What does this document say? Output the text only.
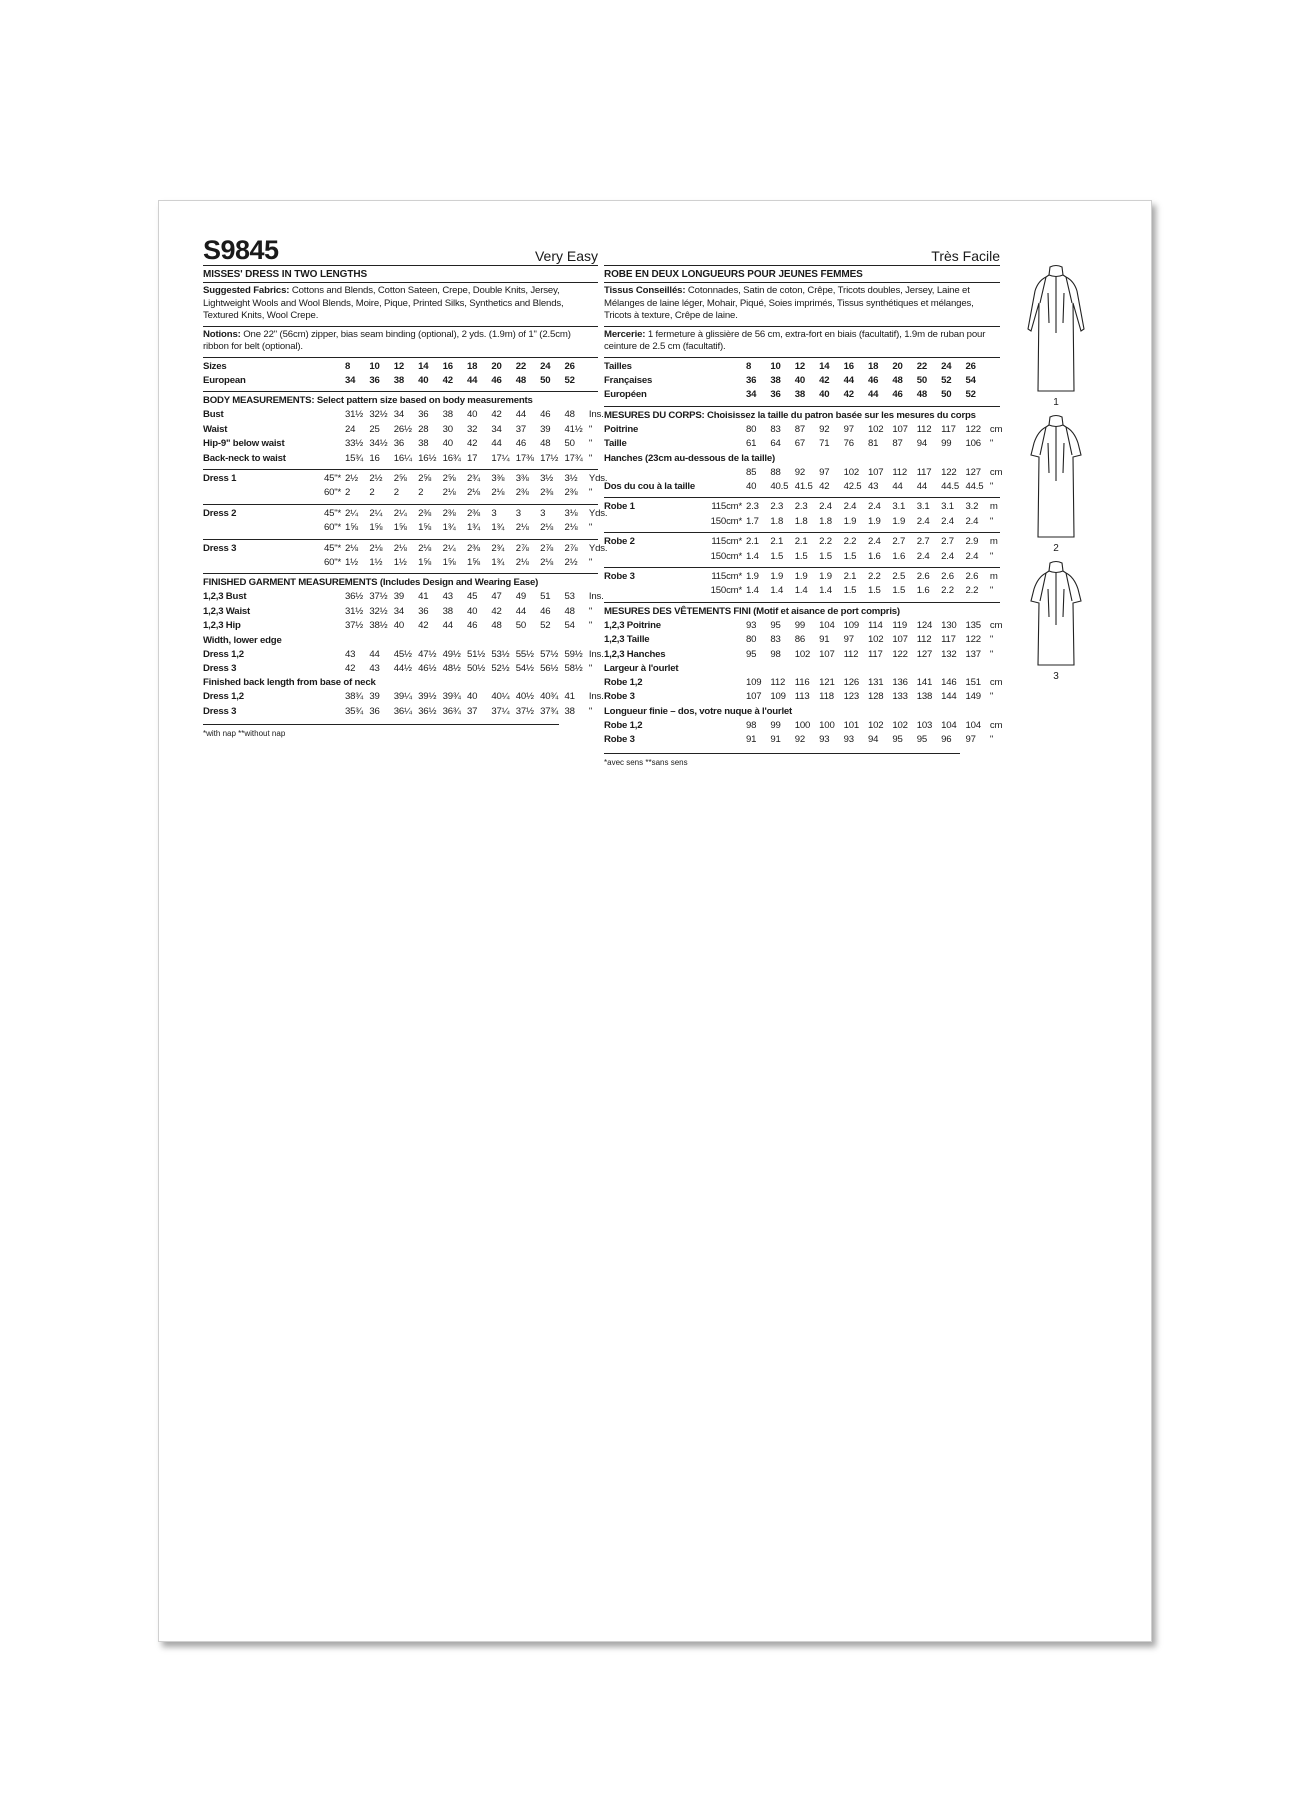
S9845	Very Easy
MISSES' DRESS IN TWO LENGTHS
Suggested Fabrics: Cottons and Blends, Cotton Sateen, Crepe, Double Knits, Jersey, Lightweight Wools and Wool Blends, Moire, Pique, Printed Silks, Synthetics and Blends, Textured Knits, Wool Crepe.
Notions: One 22" (56cm) zipper, bias seam binding (optional), 2 yds. (1.9m) of 1" (2.5cm) ribbon for belt (optional).
Sizes	8	10	12	14	16	18	20	22	24	26
European	34	36	38	40	42	44	46	48	50	52
BODY MEASUREMENTS: Select pattern size based on body measurements
Bust	31½ 32½ 34	36	38	40	42	44	46	48	Ins.
Waist	24	25	26½ 28	30	32	34	37	39	41½ "
Hip-9" below waist	33½ 34½ 36	38	40	42	44	46	48	50	"
Back-neck to waist	15¾ 16	16¼ 16½ 16¾ 17	17¼ 17⅜ 17½ 17¾ "
Dress 1	45"* 2½	2½	2⅝	2⅝	2⅝	2¾	3⅜	3⅜	3½	3½	Yds.
60"* 2	2	2	2	2⅛	2⅛	2⅛	2⅜	2⅜	2⅜	"
Dress 2	45"* 2¼	2¼	2¼	2⅜	2⅜	2⅜	3	3	3	3⅛	Yds.
60"* 1⅝	1⅝	1⅝	1⅝	1¾	1¾	1¾	2⅛	2⅛	2⅛	"
Dress 3	45"* 2⅛	2⅛	2⅛	2⅛	2¼	2⅜	2¾	2⅞	2⅞	2⅞	Yds.
60"* 1½	1½	1½	1⅝	1⅝	1⅝	1¾	2⅛	2⅛	2½	"
FINISHED GARMENT MEASUREMENTS (Includes Design and Wearing Ease)
1,2,3 Bust	36½ 37½ 39	41	43	45	47	49	51	53	Ins.
1,2,3 Waist	31½ 32½ 34	36	38	40	42	44	46	48	"
1,2,3 Hip	37½ 38½ 40	42	44	46	48	50	52	54	"
Width, lower edge
Dress 1,2	43	44	45½ 47½ 49½ 51½ 53½ 55½ 57½ 59½ Ins.
Dress 3	42	43	44½ 46½ 48½ 50½ 52½ 54½ 56½ 58½ "
Finished back length from base of neck
Dress 1,2	38¾ 39	39¼ 39½ 39¾ 40	40¼ 40½ 40¾ 41	Ins.
Dress 3	35¾ 36	36¼ 36½ 36¾ 37	37¼ 37½ 37¾ 38	"
*with nap **without nap
Très Facile
ROBE EN DEUX LONGUEURS POUR JEUNES FEMMES
Tissus Conseillés: Cotonnades, Satin de coton, Crêpe, Tricots doubles, Jersey, Laine et Mélanges de laine léger, Mohair, Piqué, Soies imprimés, Tissus synthétiques et mélanges, Tricots à texture, Crêpe de laine.
Mercerie: 1 fermeture à glissière de 56 cm, extra-fort en biais (facultatif), 1.9m de ruban pour ceinture de 2.5 cm (facultatif).
Tailles	8	10	12	14	16	18	20	22	24	26
Françaises	36	38	40	42	44	46	48	50	52	54
Européen	34	36	38	40	42	44	46	48	50	52
MESURES DU CORPS: Choisissez la taille du patron basée sur les mesures du corps
Poitrine	80	83	87	92	97	102 107 112	117	122 cm
Taille	61	64	67	71	76	81	87	94	99	106 "
Hanches (23cm au-dessous de la taille)
85	88	92	97	102 107 112	117	122 127 cm
Dos du cou à la taille	40	40.5 41.5 42	42.5 43	44	44	44.5 44.5 "
Robe 1	115cm* 2.3	2.3	2.3	2.4	2.4	2.4	3.1	3.1	3.1	3.2	m
150cm* 1.7	1.8	1.8	1.8	1.9	1.9	1.9	2.4	2.4	2.4	"
Robe 2	115cm* 2.1	2.1	2.1	2.2	2.2	2.4	2.7	2.7	2.7	2.9	m
150cm* 1.4	1.5	1.5	1.5	1.5	1.6	1.6	2.4	2.4	2.4	"
Robe 3	115cm* 1.9	1.9	1.9	1.9	2.1	2.2	2.5	2.6	2.6	2.6	m
150cm* 1.4	1.4	1.4	1.4	1.5	1.5	1.5	1.6	2.2	2.2	"
MESURES DES VÊTEMENTS FINI (Motif et aisance de port compris)
1,2,3 Poitrine	93	95	99	104 109 114	119	124 130 135 cm
1,2,3 Taille	80	83	86	91	97	102 107 112	117	122 "
1,2,3 Hanches	95	98	102 107 112	117	122 127 132 137 "
Largeur à l'ourlet
Robe 1,2	109 112	116	121 126 131 136 141 146 151 cm
Robe 3	107 109 113	118	123 128 133 138 144 149 "
Longueur finie – dos, votre nuque à l'ourlet
Robe 1,2	98	99	100 100 101 102 102 103 104 104 cm
Robe 3	91	91	92	93	93	94	95	95	96	97	"
*avec sens **sans sens
1
2
3
